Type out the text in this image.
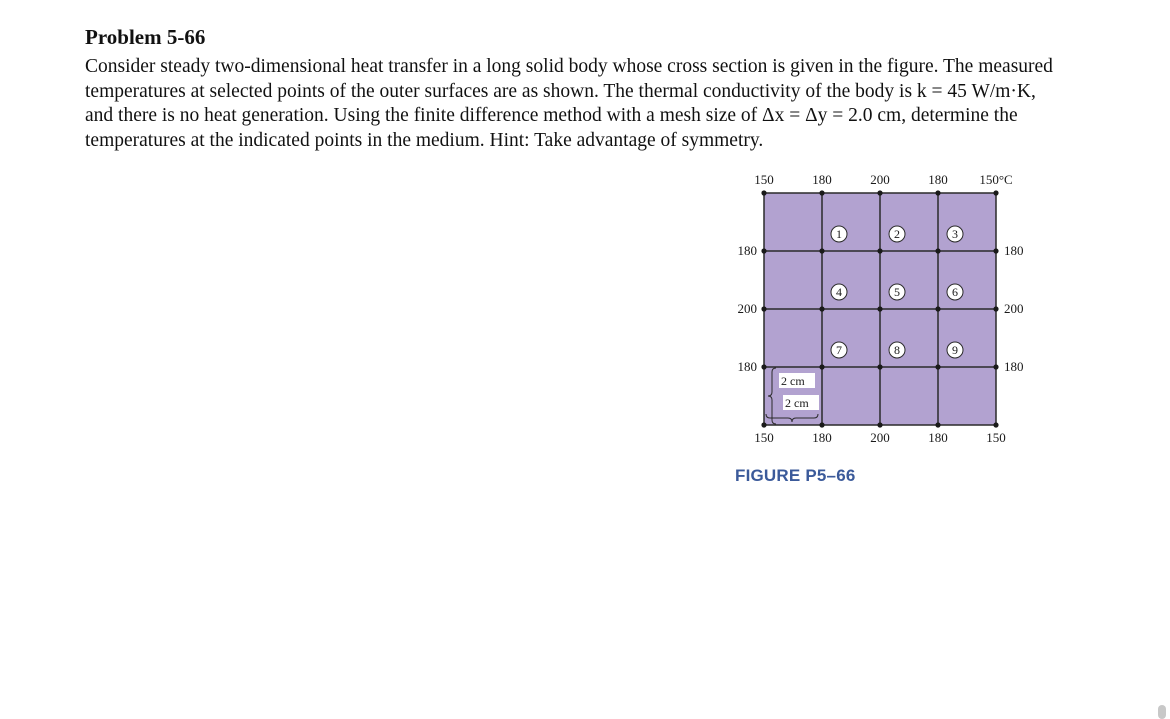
Problem 5-66

Consider steady two-dimensional heat transfer in a long solid body whose cross section is given in the figure. The measured temperatures at selected points of the outer surfaces are as shown. The thermal conductivity of the body is k = 45 W/m·K, and there is no heat generation. Using the finite difference method with a mesh size of Δx = Δy = 2.0 cm, determine the temperatures at the indicated points in the medium. Hint: Take advantage of symmetry.

150	180	200	180 150°C
150	180	200	180	150
180
200
180
180
200
180
1	2	3
4	5	6
7	8	9
2 cm
2 cm
FIGURE P5–66
